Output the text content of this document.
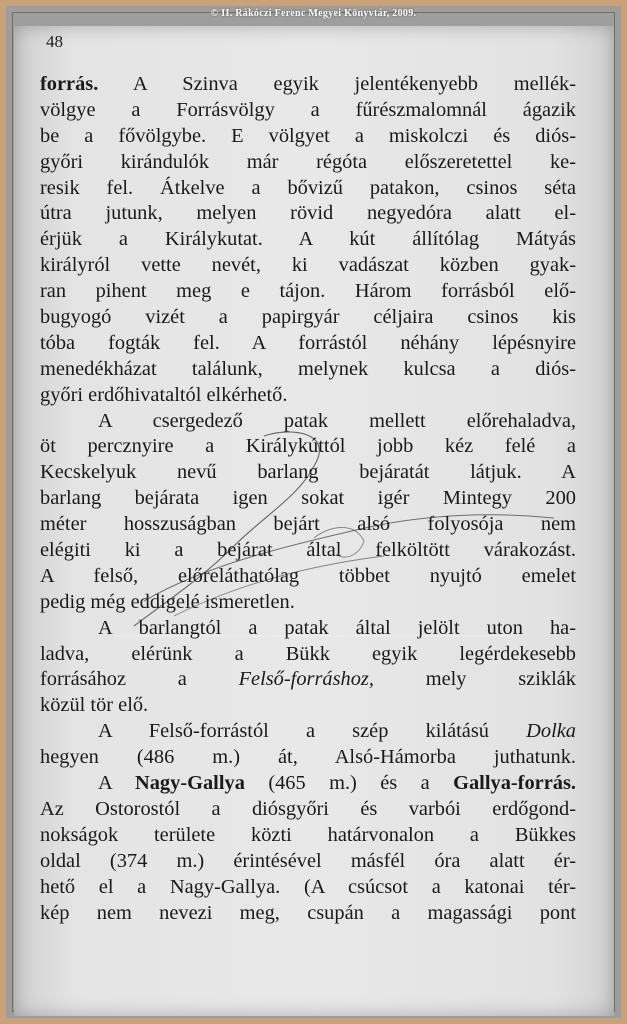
© II. Rákóczi Ferenc Megyei Könyvtár, 2009.
48
forrás. A Szinva egyik jelentékenyebb mellék-
völgye a Forrásvölgy a fűrészmalomnál ágazik
be a fővölgybe. E völgyet a miskolczi és diós-
győri kirándulók már régóta előszeretettel ke-
resik fel. Átkelve a bővizű patakon, csinos séta
útra jutunk, melyen rövid negyedóra alatt el-
érjük a Királykutat. A kút állítólag Mátyás
királyról vette nevét, ki vadászat közben gyak-
ran pihent meg e tájon. Három forrásból elő-
bugyogó vizét a papirgyár céljaira csinos kis
tóba fogták fel. A forrástól néhány lépésnyire
menedékházat találunk, melynek kulcsa a diós-
győri erdőhivataltól elkérhető.
A csergedező patak mellett előrehaladva,
öt percznyire a Királykúttól jobb kéz felé a
Kecskelyuk nevű barlang bejáratát látjuk. A
barlang bejárata igen sokat igér Mintegy 200
méter hosszuságban bejárt alsó folyosója nem
elégiti ki a bejárat által felköltött várakozást.
A felső, előreláthatólag többet nyujtó emelet
pedig még eddigelé ismeretlen.
A barlangtól a patak által jelölt uton ha-
ladva, elérünk a Bükk egyik legérdekesebb
forrásához a Felső-forráshoz, mely sziklák
közül tör elő.
A Felső-forrástól a szép kilátású Dolka
hegyen (486 m.) át, Alsó-Hámorba juthatunk.
A Nagy-Gallya (465 m.) és a Gallya-forrás.
Az Ostorostól a diósgyőri és varbói erdőgond-
nokságok területe közti határvonalon a Bükkes
oldal (374 m.) érintésével másfél óra alatt ér-
hető el a Nagy-Gallya. (A csúcsot a katonai tér-
kép nem nevezi meg, csupán a magassági pont
